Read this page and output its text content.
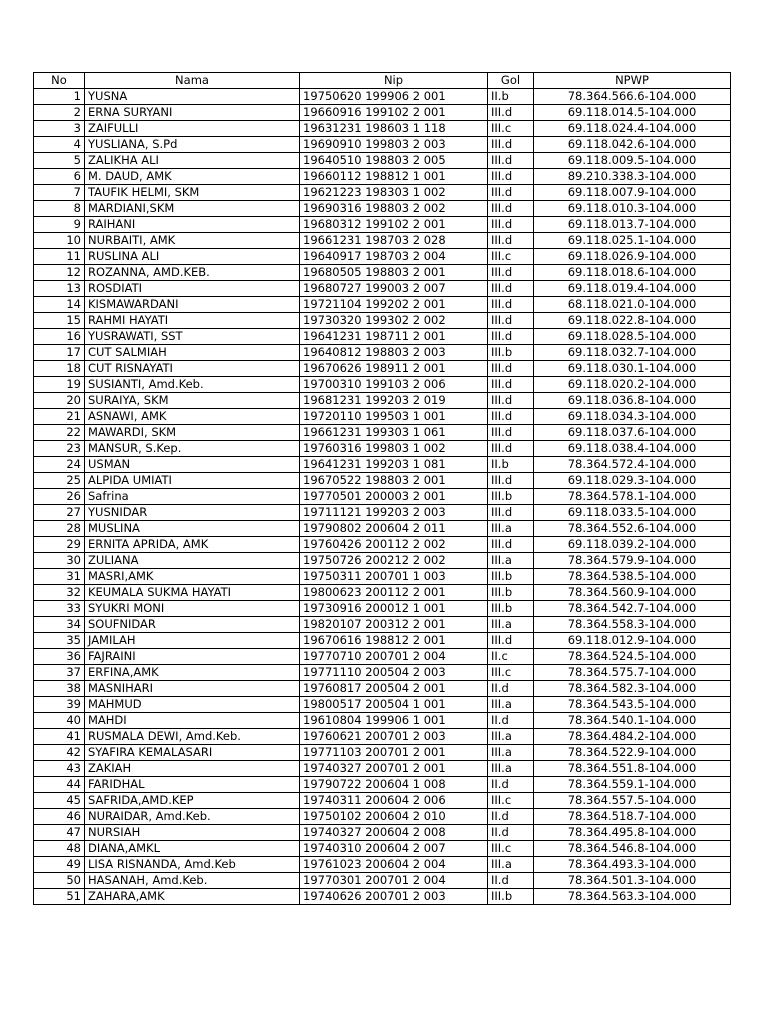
No	Nama	Nip	Gol	NPWP
1	YUSNA	19750620 199906 2 001	II.b	78.364.566.6-104.000
2	ERNA SURYANI	19660916 199102 2 001	III.d	69.118.014.5-104.000
3	ZAIFULLI	19631231 198603 1 118	III.c	69.118.024.4-104.000
4	YUSLIANA, S.Pd	19690910 199803 2 003	III.d	69.118.042.6-104.000
5	ZALIKHA ALI	19640510 198803 2 005	III.d	69.118.009.5-104.000
6	M. DAUD, AMK	19660112 198812 1 001	III.d	89.210.338.3-104.000
7	TAUFIK HELMI, SKM	19621223 198303 1 002	III.d	69.118.007.9-104.000
8	MARDIANI,SKM	19690316 198803 2 002	III.d	69.118.010.3-104.000
9	RAIHANI	19680312 199102 2 001	III.d	69.118.013.7-104.000
10	NURBAITI, AMK	19661231 198703 2 028	III.d	69.118.025.1-104.000
11	RUSLINA ALI	19640917 198703 2 004	III.c	69.118.026.9-104.000
12	ROZANNA, AMD.KEB.	19680505 198803 2 001	III.d	69.118.018.6-104.000
13	ROSDIATI	19680727 199003 2 007	III.d	69.118.019.4-104.000
14	KISMAWARDANI	19721104 199202 2 001	III.d	68.118.021.0-104.000
15	RAHMI HAYATI	19730320 199302 2 002	III.d	69.118.022.8-104.000
16	YUSRAWATI, SST	19641231 198711 2 001	III.d	69.118.028.5-104.000
17	CUT SALMIAH	19640812 198803 2 003	III.b	69.118.032.7-104.000
18	CUT RISNAYATI	19670626 198911 2 001	III.d	69.118.030.1-104.000
19	SUSIANTI, Amd.Keb.	19700310 199103 2 006	III.d	69.118.020.2-104.000
20	SURAIYA, SKM	19681231 199203 2 019	III.d	69.118.036.8-104.000
21	ASNAWI, AMK	19720110 199503 1 001	III.d	69.118.034.3-104.000
22	MAWARDI, SKM	19661231 199303 1 061	III.d	69.118.037.6-104.000
23	MANSUR, S.Kep.	19760316 199803 1 002	III.d	69.118.038.4-104.000
24	USMAN	19641231 199203 1 081	II.b	78.364.572.4-104.000
25	ALPIDA UMIATI	19670522 198803 2 001	III.d	69.118.029.3-104.000
26	Safrina	19770501 200003 2 001	III.b	78.364.578.1-104.000
27	YUSNIDAR	19711121 199203 2 003	III.d	69.118.033.5-104.000
28	MUSLINA	19790802 200604 2 011	III.a	78.364.552.6-104.000
29	ERNITA APRIDA, AMK	19760426 200112 2 002	III.d	69.118.039.2-104.000
30	ZULIANA	19750726 200212 2 002	III.a	78.364.579.9-104.000
31	MASRI,AMK	19750311 200701 1 003	III.b	78.364.538.5-104.000
32	KEUMALA SUKMA HAYATI	19800623 200112 2 001	III.b	78.364.560.9-104.000
33	SYUKRI MONI	19730916 200012 1 001	III.b	78.364.542.7-104.000
34	SOUFNIDAR	19820107 200312 2 001	III.a	78.364.558.3-104.000
35	JAMILAH	19670616 198812 2 001	III.d	69.118.012.9-104.000
36	FAJRAINI	19770710 200701 2 004	II.c	78.364.524.5-104.000
37	ERFINA,AMK	19771110 200504 2 003	III.c	78.364.575.7-104.000
38	MASNIHARI	19760817 200504 2 001	II.d	78.364.582.3-104.000
39	MAHMUD	19800517 200504 1 001	III.a	78.364.543.5-104.000
40	MAHDI	19610804 199906 1 001	II.d	78.364.540.1-104.000
41	RUSMALA DEWI, Amd.Keb.	19760621 200701 2 003	III.a	78.364.484.2-104.000
42	SYAFIRA KEMALASARI	19771103 200701 2 001	III.a	78.364.522.9-104.000
43	ZAKIAH	19740327 200701 2 001	III.a	78.364.551.8-104.000
44	FARIDHAL	19790722 200604 1 008	II.d	78.364.559.1-104.000
45	SAFRIDA,AMD.KEP	19740311 200604 2 006	III.c	78.364.557.5-104.000
46	NURAIDAR, Amd.Keb.	19750102 200604 2 010	II.d	78.364.518.7-104.000
47	NURSIAH	19740327 200604 2 008	II.d	78.364.495.8-104.000
48	DIANA,AMKL	19740310 200604 2 007	III.c	78.364.546.8-104.000
49	LISA RISNANDA, Amd.Keb	19761023 200604 2 004	III.a	78.364.493.3-104.000
50	HASANAH, Amd.Keb.	19770301 200701 2 004	II.d	78.364.501.3-104.000
51	ZAHARA,AMK	19740626 200701 2 003	III.b	78.364.563.3-104.000
